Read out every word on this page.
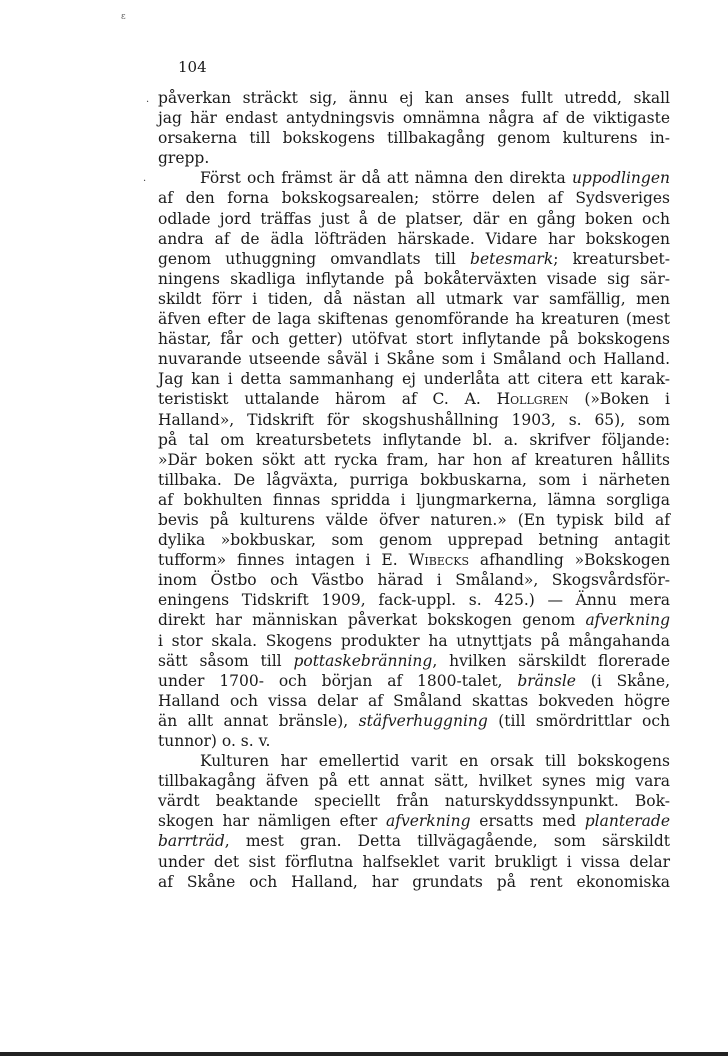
ɛ
104
·
·
påverkan sträckt sig, ännu ej kan anses fullt utredd, skall
jag här endast antydningsvis omnämna några af de viktigaste
orsakerna till bokskogens tillbakagång genom kulturens in-
grepp.
Först och främst är då att nämna den direkta uppodlingen
af den forna bokskogsarealen; större delen af Sydsveriges
odlade jord träffas just å de platser, där en gång boken och
andra af de ädla löfträden härskade. Vidare har bokskogen
genom uthuggning omvandlats till betesmark; kreatursbet-
ningens skadliga inflytande på bokåterväxten visade sig sär-
skildt förr i tiden, då nästan all utmark var samfällig, men
äfven efter de laga skiftenas genomförande ha kreaturen (mest
hästar, får och getter) utöfvat stort inflytande på bokskogens
nuvarande utseende såväl i Skåne som i Småland och Halland.
Jag kan i detta sammanhang ej underlåta att citera ett karak-
teristiskt uttalande härom af C. A. Hollgren (»Boken i
Halland», Tidskrift för skogshushållning 1903, s. 65), som
på tal om kreatursbetets inflytande bl. a. skrifver följande:
»Där boken sökt att rycka fram, har hon af kreaturen hållits
tillbaka. De lågväxta, purriga bokbuskarna, som i närheten
af bokhulten finnas spridda i ljungmarkerna, lämna sorgliga
bevis på kulturens välde öfver naturen.» (En typisk bild af
dylika »bokbuskar, som genom upprepad betning antagit
tufform» finnes intagen i E. Wibecks afhandling »Bokskogen
inom Östbo och Västbo härad i Småland», Skogsvårdsför-
eningens Tidskrift 1909, fack-uppl. s. 425.) — Ännu mera
direkt har människan påverkat bokskogen genom afverkning
i stor skala. Skogens produkter ha utnyttjats på mångahanda
sätt såsom till pottaskebränning, hvilken särskildt florerade
under 1700- och början af 1800-talet, bränsle (i Skåne,
Halland och vissa delar af Småland skattas bokveden högre
än allt annat bränsle), stäfverhuggning (till smördrittlar och
tunnor) o. s. v.
Kulturen har emellertid varit en orsak till bokskogens
tillbakagång äfven på ett annat sätt, hvilket synes mig vara
värdt beaktande speciellt från naturskyddssynpunkt. Bok-
skogen har nämligen efter afverkning ersatts med planterade
barrträd, mest gran. Detta tillvägagående, som särskildt
under det sist förflutna halfseklet varit brukligt i vissa delar
af Skåne och Halland, har grundats på rent ekonomiska
